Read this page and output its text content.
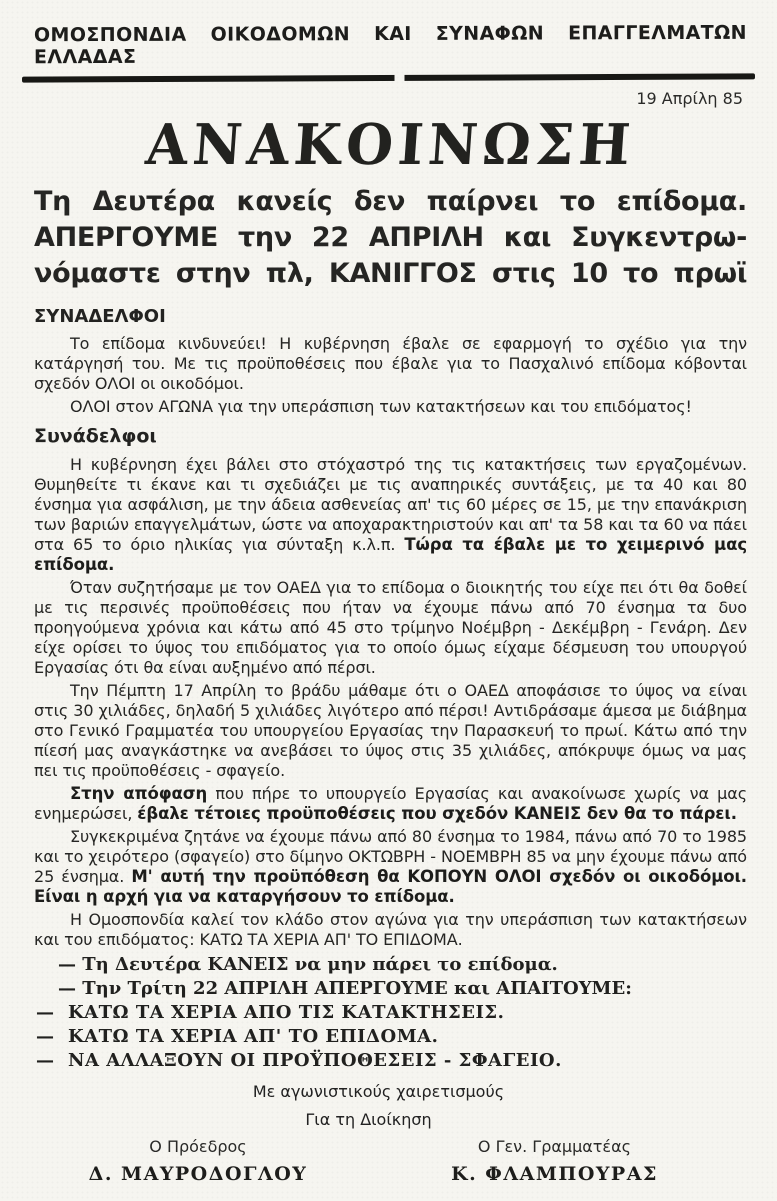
ΟΜΟΣΠΟΝΔΙΑ ΟΙΚΟΔΟΜΩΝ ΚΑΙ ΣΥΝΑΦΩΝ ΕΠΑΓΓΕΛΜΑΤΩΝ ΕΛΛΑΔΑΣ
19 Απρίλη 85
ΑΝΑΚΟΙΝΩΣΗ
Τη Δευτέρα κανείς δεν παίρνει το επίδομα.
ΑΠΕΡΓΟΥΜΕ την 22 ΑΠΡΙΛΗ και Συγκεντρω-
νόμαστε στην πλ, ΚΑΝΙΓΓΟΣ στις 10 το πρωϊ
ΣΥΝΑΔΕΛΦΟΙ

Το επίδομα κινδυνεύει! Η κυβέρνηση έβαλε σε εφαρμογή το σχέδιο για την κατάργησή του. Με τις προϋποθέσεις που έβαλε για το Πασχαλινό επίδομα κόβονται σχεδόν ΟΛΟΙ οι οικοδόμοι.

ΟΛΟΙ στον ΑΓΩΝΑ για την υπεράσπιση των κατακτήσεων και του επιδόματος!

Συνάδελφοι

Η κυβέρνηση έχει βάλει στο στόχαστρό της τις κατακτήσεις των εργαζομένων. Θυμηθείτε τι έκανε και τι σχεδιάζει με τις αναπηρικές συντάξεις, με τα 40 και 80 ένσημα για ασφάλιση, με την άδεια ασθενείας απ' τις 60 μέρες σε 15, με την επανάκριση των βαριών επαγγελμάτων, ώστε να αποχαρακτηριστούν και απ' τα 58 και τα 60 να πάει στα 65 το όριο ηλικίας για σύνταξη κ.λ.π. Τώρα τα έβαλε με το χειμερινό μας επίδομα.

Όταν συζητήσαμε με τον ΟΑΕΔ για το επίδομα ο διοικητής του είχε πει ότι θα δοθεί με τις περσινές προϋποθέσεις που ήταν να έχουμε πάνω από 70 ένσημα τα δυο προηγούμενα χρόνια και κάτω από 45 στο τρίμηνο Νοέμβρη - Δεκέμβρη - Γενάρη. Δεν είχε ορίσει το ύψος του επιδόματος για το οποίο όμως είχαμε δέσμευση του υπουργού Εργασίας ότι θα είναι αυξημένο από πέρσι.

Την Πέμπτη 17 Απρίλη το βράδυ μάθαμε ότι ο ΟΑΕΔ αποφάσισε το ύψος να είναι στις 30 χιλιάδες, δηλαδή 5 χιλιάδες λιγότερο από πέρσι! Αντιδράσαμε άμεσα με διάβημα στο Γενικό Γραμματέα του υπουργείου Εργασίας την Παρασκευή το πρωί. Κάτω από την πίεσή μας αναγκάστηκε να ανεβάσει το ύψος στις 35 χιλιάδες, απόκρυψε όμως να μας πει τις προϋποθέσεις - σφαγείο.

Στην απόφαση που πήρε το υπουργείο Εργασίας και ανακοίνωσε χωρίς να μας ενημερώσει, έβαλε τέτοιες προϋποθέσεις που σχεδόν ΚΑΝΕΙΣ δεν θα το πάρει.

Συγκεκριμένα ζητάνε να έχουμε πάνω από 80 ένσημα το 1984, πάνω από 70 το 1985 και το χειρότερο (σφαγείο) στο δίμηνο ΟΚΤΩΒΡΗ - ΝΟΕΜΒΡΗ 85 να μην έχουμε πάνω από 25 ένσημα. Μ' αυτή την προϋπόθεση θα ΚΟΠΟΥΝ ΟΛΟΙ σχεδόν οι οικοδόμοι. Είναι η αρχή για να καταργήσουν το επίδομα.

Η Ομοσπονδία καλεί τον κλάδο στον αγώνα για την υπεράσπιση των κατακτήσεων και του επιδόματος: ΚΑΤΩ ΤΑ ΧΕΡΙΑ ΑΠ' ΤΟ ΕΠΙΔΟΜΑ.

— Τη Δευτέρα ΚΑΝΕΙΣ να μην πάρει το επίδομα.
— Την Τρίτη 22 ΑΠΡΙΛΗ ΑΠΕΡΓΟΥΜΕ και ΑΠΑΙΤΟΥΜΕ:
—  ΚΑΤΩ ΤΑ ΧΕΡΙΑ ΑΠΟ ΤΙΣ ΚΑΤΑΚΤΗΣΕΙΣ.
—  ΚΑΤΩ ΤΑ ΧΕΡΙΑ ΑΠ' ΤΟ ΕΠΙΔΟΜΑ.
—  ΝΑ ΑΛΛΑΞΟΥΝ ΟΙ ΠΡΟΫΠΟΘΕΣΕΙΣ - ΣΦΑΓΕΙΟ.
Με αγωνιστικούς χαιρετισμούς
Για τη Διοίκηση
Ο Πρόεδρος
Δ. ΜΑΥΡΟΔΟΓΛΟΥ
Ο Γεν. Γραμματέας
Κ. ΦΛΑΜΠΟΥΡΑΣ
